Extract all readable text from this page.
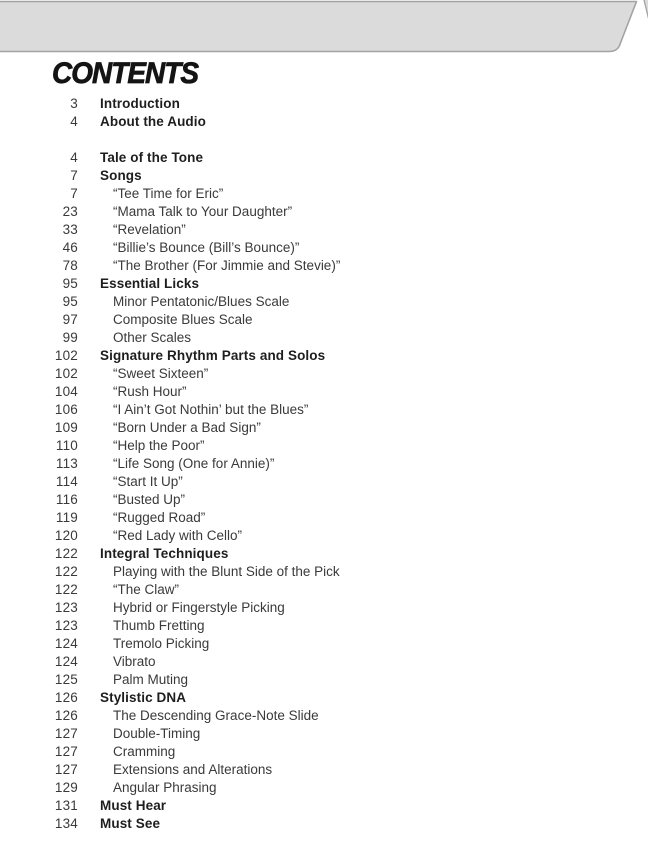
CONTENTS
3	Introduction
4	About the Audio
4	Tale of the Tone
7	Songs
7	“Tee Time for Eric”
23	“Mama Talk to Your Daughter”
33	“Revelation”
46	“Billie’s Bounce (Bill’s Bounce)”
78	“The Brother (For Jimmie and Stevie)”
95	Essential Licks
95	Minor Pentatonic/Blues Scale
97	Composite Blues Scale
99	Other Scales
102	Signature Rhythm Parts and Solos
102	“Sweet Sixteen”
104	“Rush Hour”
106	“I Ain’t Got Nothin’ but the Blues”
109	“Born Under a Bad Sign”
110	“Help the Poor”
113	“Life Song (One for Annie)”
114	“Start It Up”
116	“Busted Up”
119	“Rugged Road”
120	“Red Lady with Cello”
122	Integral Techniques
122	Playing with the Blunt Side of the Pick
122	“The Claw”
123	Hybrid or Fingerstyle Picking
123	Thumb Fretting
124	Tremolo Picking
124	Vibrato
125	Palm Muting
126	Stylistic DNA
126	The Descending Grace-Note Slide
127	Double-Timing
127	Cramming
127	Extensions and Alterations
129	Angular Phrasing
131	Must Hear
134	Must See
